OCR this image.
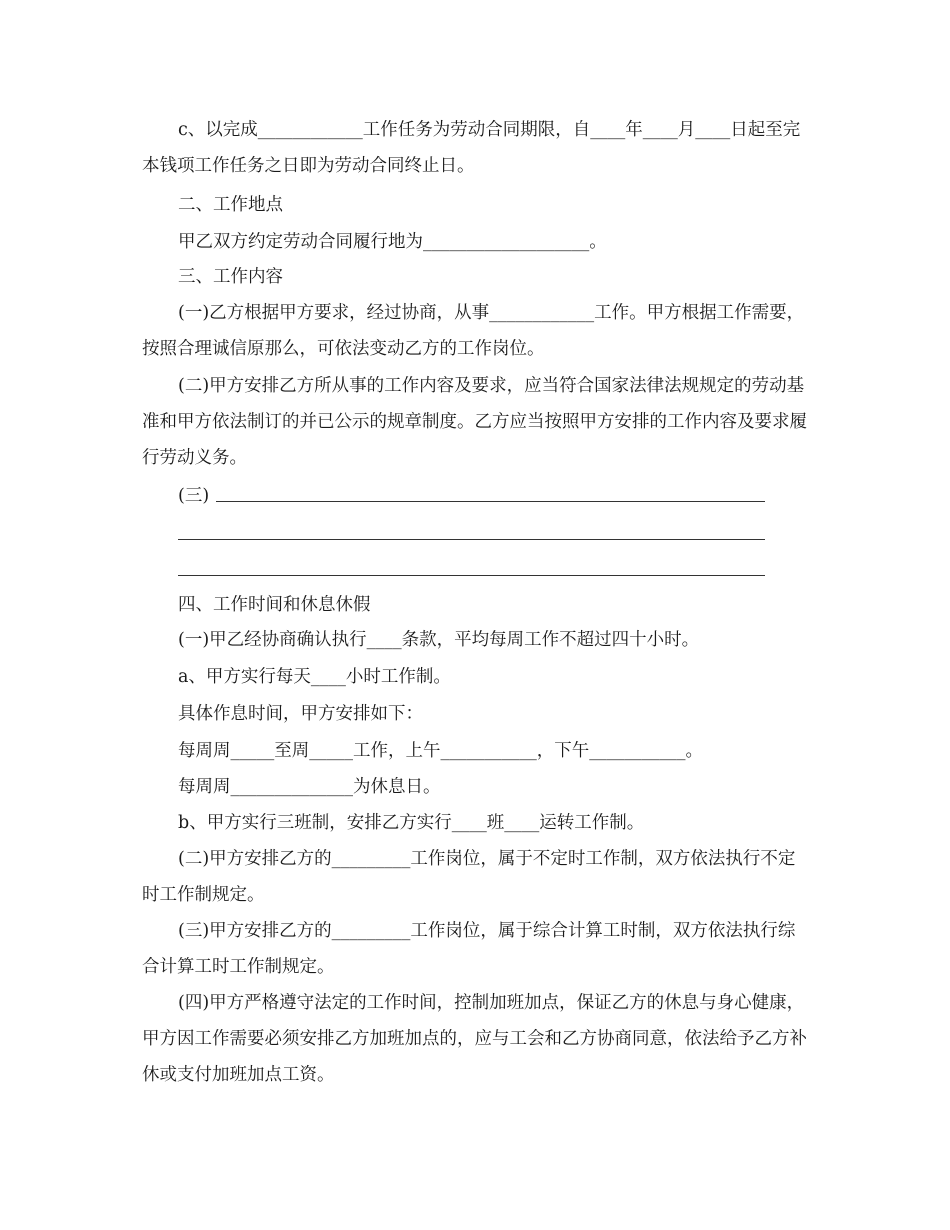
c、以完成____________工作任务为劳动合同期限，自____年____月____日起至完本钱项工作任务之日即为劳动合同终止日。

二、工作地点

甲乙双方约定劳动合同履行地为___________________。

三、工作内容

(一)乙方根据甲方要求，经过协商，从事____________工作。甲方根据工作需要，按照合理诚信原那么，可依法变动乙方的工作岗位。

(二)甲方安排乙方所从事的工作内容及要求，应当符合国家法律法规规定的劳动基准和甲方依法制订的并已公示的规章制度。乙方应当按照甲方安排的工作内容及要求履行劳动义务。

(三)

四、工作时间和休息休假

(一)甲乙经协商确认执行____条款，平均每周工作不超过四十小时。

a、甲方实行每天____小时工作制。

具体作息时间，甲方安排如下：

每周周_____至周_____工作，上午___________，下午___________。

每周周______________为休息日。

b、甲方实行三班制，安排乙方实行____班____运转工作制。

(二)甲方安排乙方的_________工作岗位，属于不定时工作制，双方依法执行不定时工作制规定。

(三)甲方安排乙方的_________工作岗位，属于综合计算工时制，双方依法执行综合计算工时工作制规定。

(四)甲方严格遵守法定的工作时间，控制加班加点，保证乙方的休息与身心健康，甲方因工作需要必须安排乙方加班加点的，应与工会和乙方协商同意，依法给予乙方补休或支付加班加点工资。
